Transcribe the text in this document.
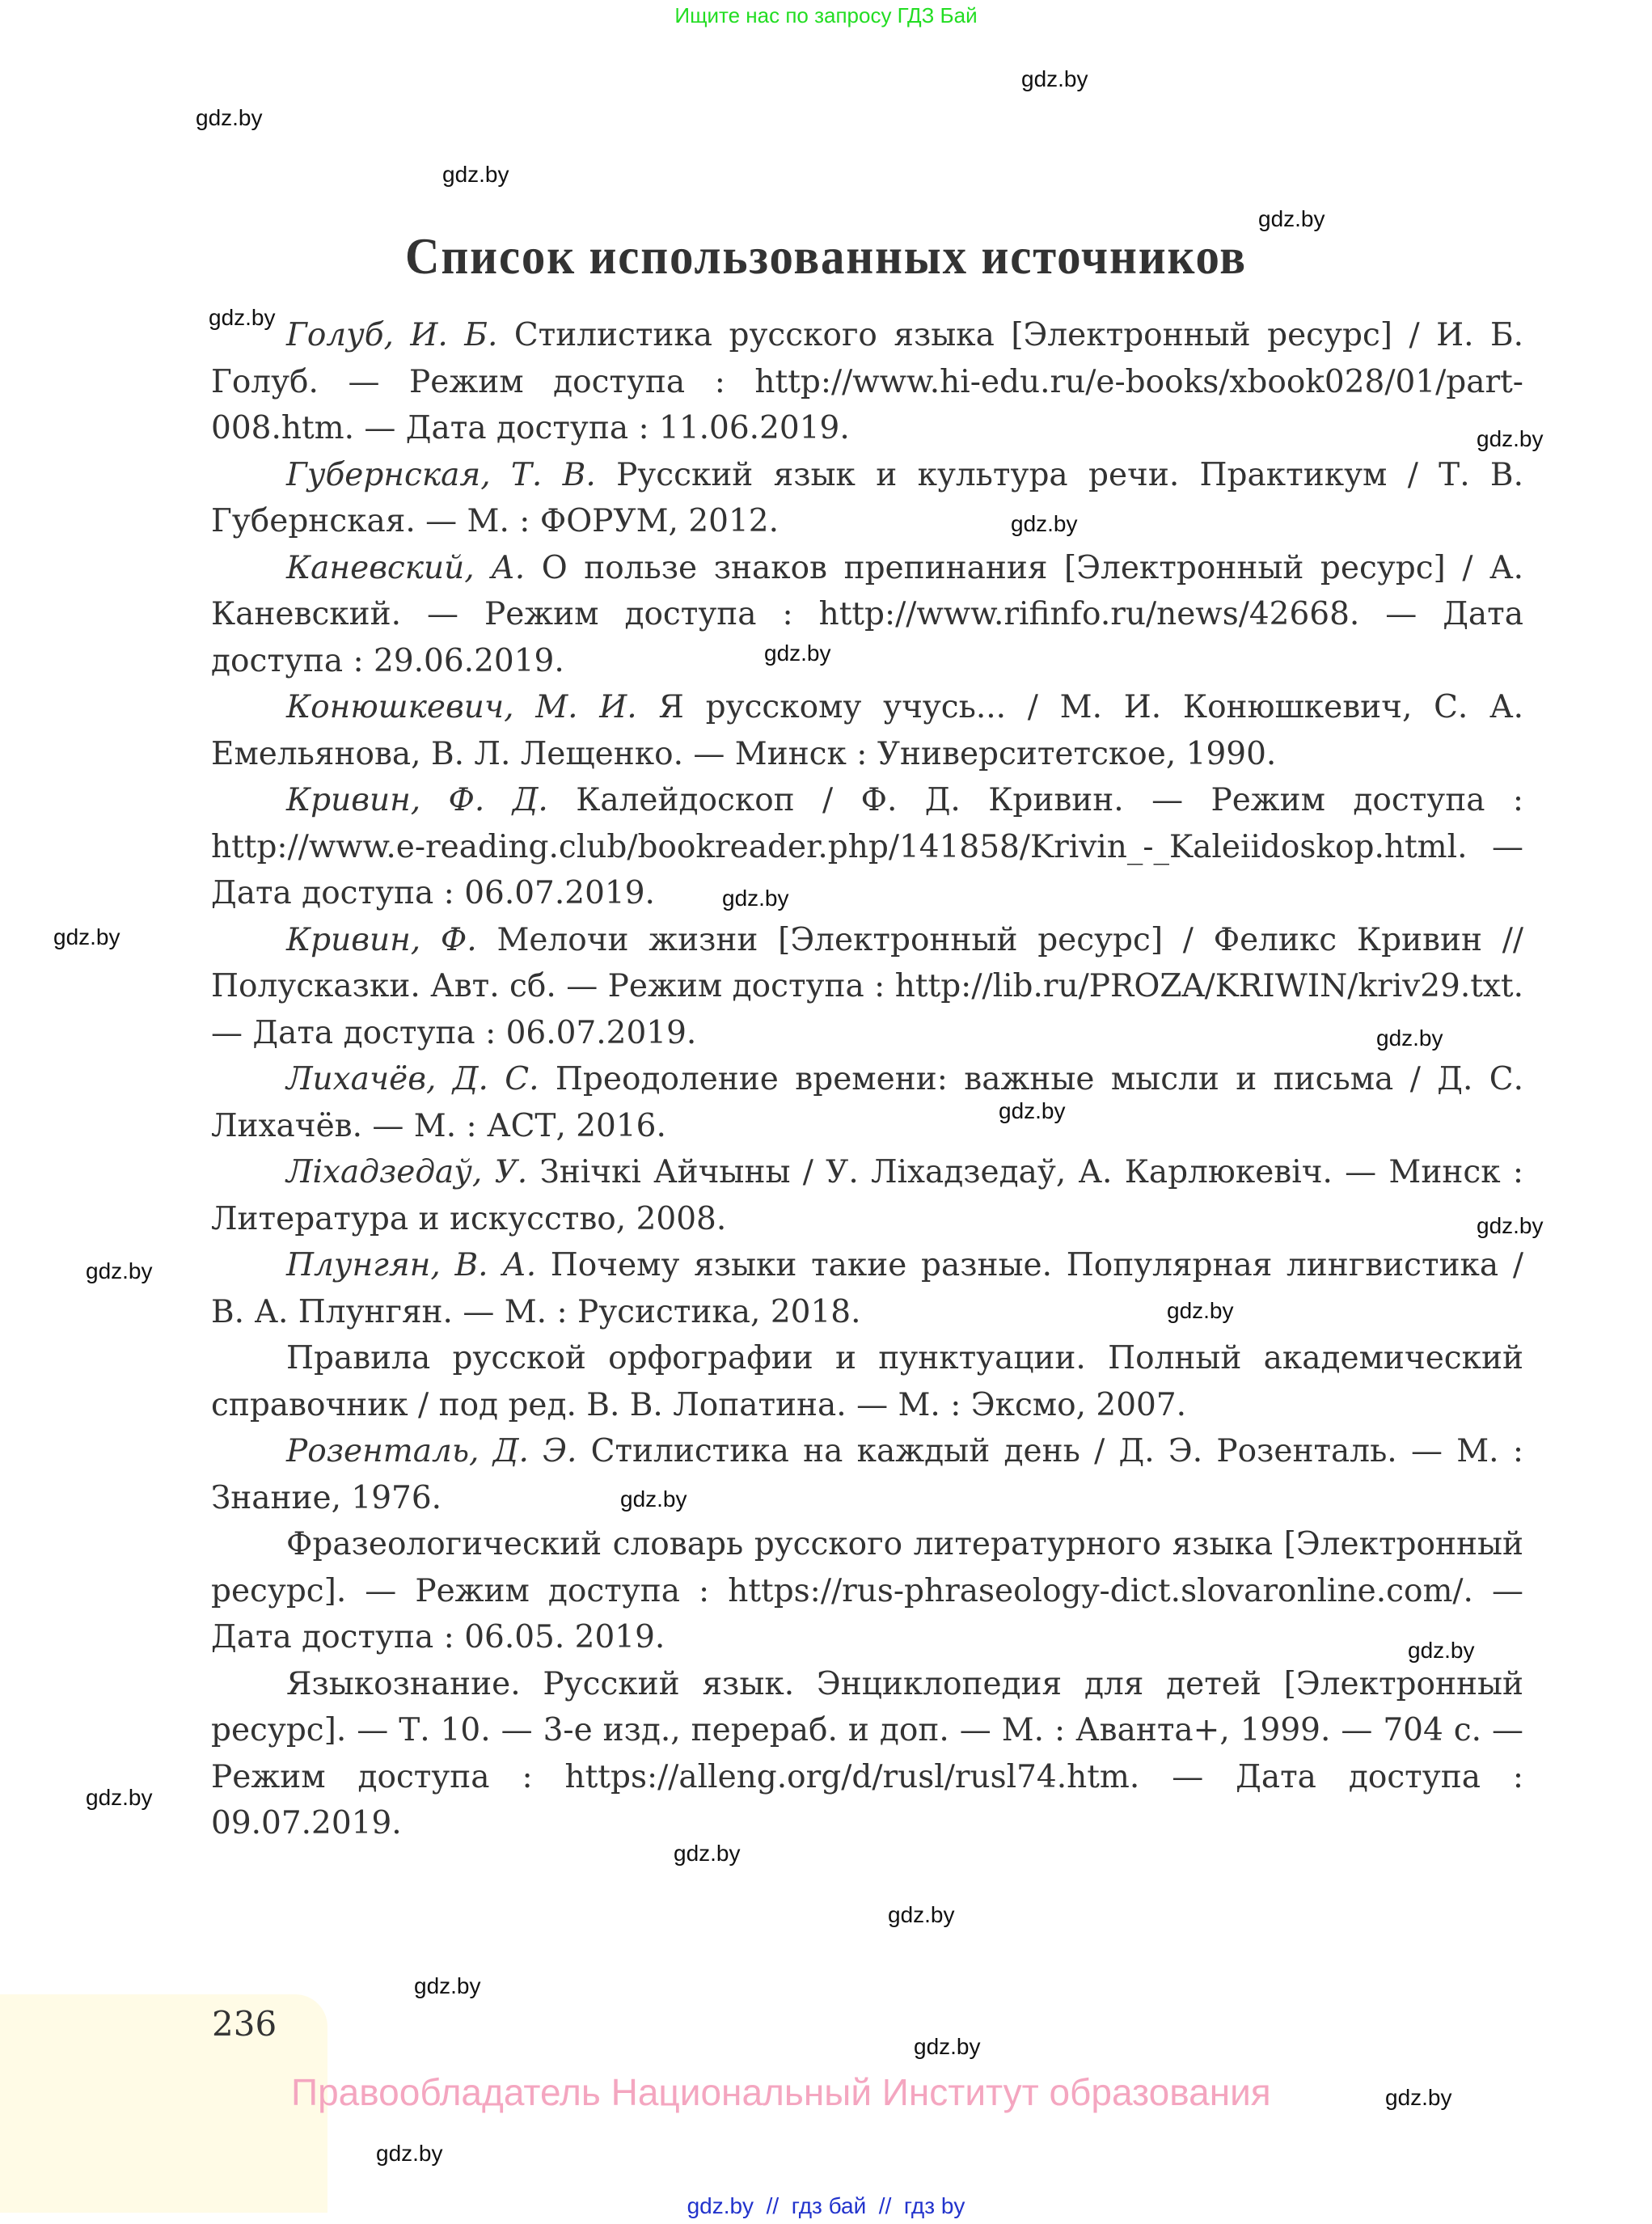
Ищите нас по запросу ГДЗ Бай
gdz.by
gdz.by
gdz.by
gdz.by
gdz.by
gdz.by
gdz.by
gdz.by
gdz.by
gdz.by
gdz.by
gdz.by
gdz.by
gdz.by
gdz.by
gdz.by
gdz.by
gdz.by
gdz.by
gdz.by
gdz.by
gdz.by
gdz.by
gdz.by
Список использованных источников

Голуб, И. Б. Стилистика русского языка [Электронный ресурс] / И. Б. Голуб. — Режим доступа : http://www.hi-edu.ru/e-books/xbook028/01/part-008.htm. — Дата доступа : 11.06.2019.

Губернская, Т. В. Русский язык и культура речи. Практикум / Т. В. Губернская. — М. : ФОРУМ, 2012.

Каневский, А. О пользе знаков препинания [Электронный ресурс] / А. Каневский. — Режим доступа : http://www.rifinfo.ru/news/42668. — Дата доступа : 29.06.2019.

Конюшкевич, М. И. Я русскому учусь... / М. И. Конюшкевич, С. А. Емельянова, В. Л. Лещенко. — Минск : Университетское, 1990.

Кривин, Ф. Д. Калейдоскоп / Ф. Д. Кривин. — Режим доступа : http://www.e-reading.club/bookreader.php/141858/Krivin_-_Kaleiidoskop.html. — Дата доступа : 06.07.2019.

Кривин, Ф. Мелочи жизни [Электронный ресурс] / Феликс Кривин // Полусказки. Авт. сб. — Режим доступа : http://lib.ru/PROZA/KRIWIN/kriv29.txt. — Дата доступа : 06.07.2019.

Лихачёв, Д. С. Преодоление времени: важные мысли и письма / Д. С. Лихачёв. — М. : АСТ, 2016.

Ліхадзедаў, У. Знічкі Айчыны / У. Ліхадзедаў, А. Карлюкевіч. — Минск : Литература и искусство, 2008.

Плунгян, В. А. Почему языки такие разные. Популярная лингвистика / В. А. Плунгян. — М. : Русистика, 2018.

Правила русской орфографии и пунктуации. Полный академический справочник / под ред. В. В. Лопатина. — М. : Эксмо, 2007.

Розенталь, Д. Э. Стилистика на каждый день / Д. Э. Розенталь. — М. : Знание, 1976.

Фразеологический словарь русского литературного языка [Электронный ресурс]. — Режим доступа : https://rus-phraseology-dict.slovaronline.com/. — Дата доступа : 06.05. 2019.

Языкознание. Русский язык. Энциклопедия для детей [Электронный ресурс]. — Т. 10. — 3-е изд., перераб. и доп. — М. : Аванта+, 1999. — 704 с. — Режим доступа : https://alleng.org/d/rusl/rusl74.htm. — Дата доступа : 09.07.2019.

236
Правообладатель Национальный Институт образования
gdz.by  //  гдз бай  //  гдз by
